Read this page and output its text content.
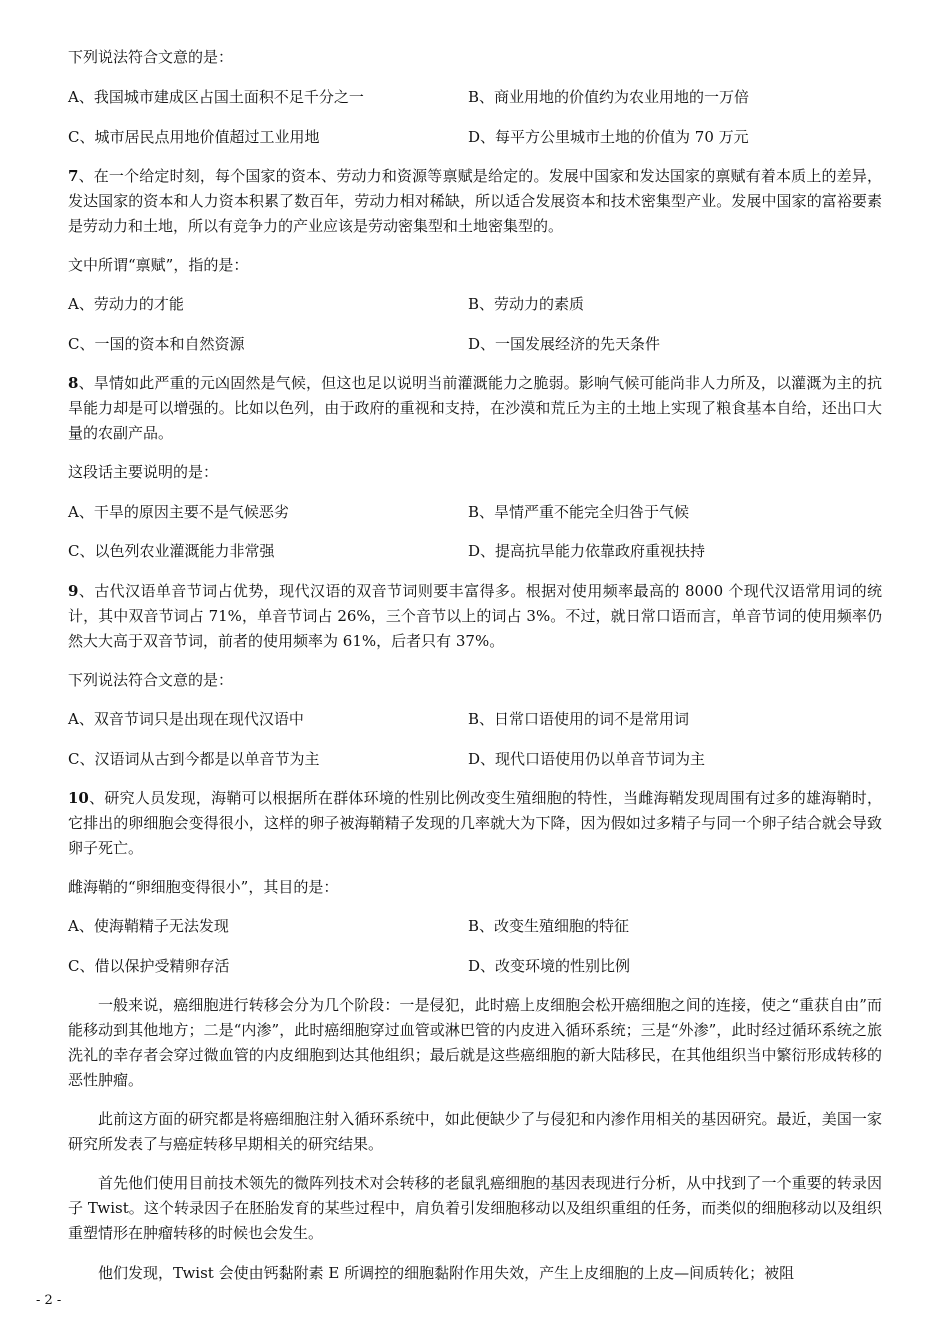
下列说法符合文意的是：
A、我国城市建成区占国土面积不足千分之一	B、商业用地的价值约为农业用地的一万倍
C、城市居民点用地价值超过工业用地	D、每平方公里城市土地的价值为 70 万元
7、在一个给定时刻，每个国家的资本、劳动力和资源等禀赋是给定的。发展中国家和发达国家的禀赋有着本质上的差异，发达国家的资本和人力资本积累了数百年，劳动力相对稀缺，所以适合发展资本和技术密集型产业。发展中国家的富裕要素是劳动力和土地，所以有竞争力的产业应该是劳动密集型和土地密集型的。
文中所谓“禀赋”，指的是：
A、劳动力的才能	B、劳动力的素质
C、一国的资本和自然资源	D、一国发展经济的先天条件
8、旱情如此严重的元凶固然是气候，但这也足以说明当前灌溉能力之脆弱。影响气候可能尚非人力所及，以灌溉为主的抗旱能力却是可以增强的。比如以色列，由于政府的重视和支持，在沙漠和荒丘为主的土地上实现了粮食基本自给，还出口大量的农副产品。
这段话主要说明的是：
A、干旱的原因主要不是气候恶劣	B、旱情严重不能完全归咎于气候
C、以色列农业灌溉能力非常强	D、提高抗旱能力依靠政府重视扶持
9、古代汉语单音节词占优势，现代汉语的双音节词则要丰富得多。根据对使用频率最高的 8000 个现代汉语常用词的统计，其中双音节词占 71%，单音节词占 26%，三个音节以上的词占 3%。不过，就日常口语而言，单音节词的使用频率仍然大大高于双音节词，前者的使用频率为 61%，后者只有 37%。
下列说法符合文意的是：
A、双音节词只是出现在现代汉语中	B、日常口语使用的词不是常用词
C、汉语词从古到今都是以单音节为主	D、现代口语使用仍以单音节词为主
10、研究人员发现，海鞘可以根据所在群体环境的性别比例改变生殖细胞的特性，当雌海鞘发现周围有过多的雄海鞘时，它排出的卵细胞会变得很小，这样的卵子被海鞘精子发现的几率就大为下降，因为假如过多精子与同一个卵子结合就会导致卵子死亡。
雌海鞘的“卵细胞变得很小”，其目的是：
A、使海鞘精子无法发现	B、改变生殖细胞的特征
C、借以保护受精卵存活	D、改变环境的性别比例
一般来说，癌细胞进行转移会分为几个阶段：一是侵犯，此时癌上皮细胞会松开癌细胞之间的连接，使之“重获自由”而能移动到其他地方；二是“内渗”，此时癌细胞穿过血管或淋巴管的内皮进入循环系统；三是“外渗”，此时经过循环系统之旅洗礼的幸存者会穿过微血管的内皮细胞到达其他组织；最后就是这些癌细胞的新大陆移民，在其他组织当中繁衍形成转移的恶性肿瘤。
此前这方面的研究都是将癌细胞注射入循环系统中，如此便缺少了与侵犯和内渗作用相关的基因研究。最近，美国一家研究所发表了与癌症转移早期相关的研究结果。
首先他们使用目前技术领先的微阵列技术对会转移的老鼠乳癌细胞的基因表现进行分析，从中找到了一个重要的转录因子 Twist。这个转录因子在胚胎发育的某些过程中，肩负着引发细胞移动以及组织重组的任务，而类似的细胞移动以及组织重塑情形在肿瘤转移的时候也会发生。
他们发现，Twist 会使由钙黏附素 E 所调控的细胞黏附作用失效，产生上皮细胞的上皮—间质转化；被阻
- 2 -
